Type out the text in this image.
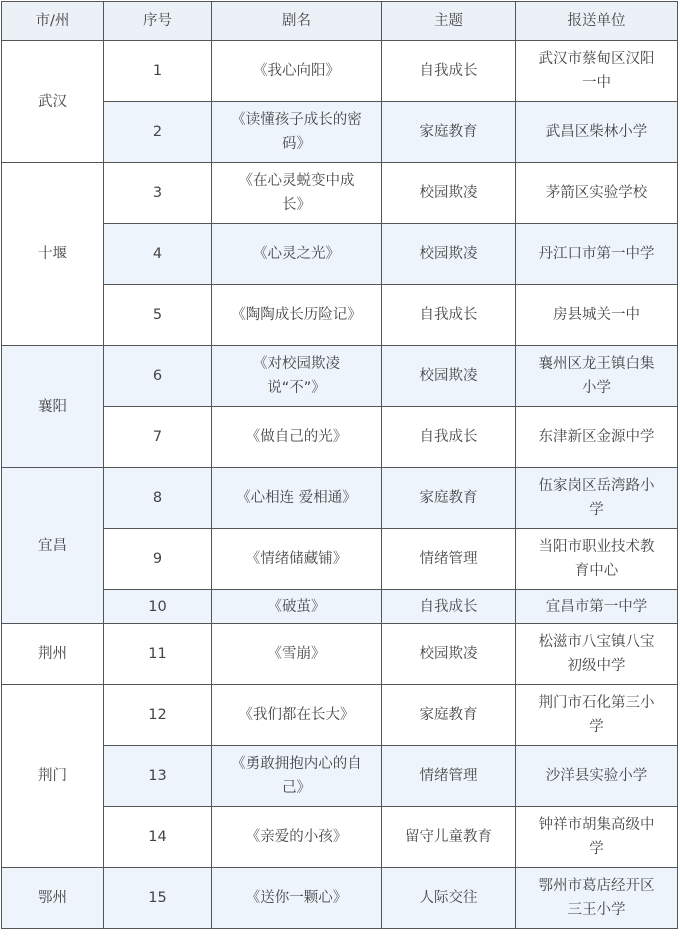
市/州	序号	剧名	主题	报送单位
武汉	1	《我心向阳》	自我成长	武汉市蔡甸区汉阳一中
	2	《读懂孩子成长的密码》	家庭教育	武昌区柴林小学
十堰	3	《在心灵蜕变中成长》	校园欺凌	茅箭区实验学校
	4	《心灵之光》	校园欺凌	丹江口市第一中学
	5	《陶陶成长历险记》	自我成长	房县城关一中
襄阳	6	《对校园欺凌说“不”》	校园欺凌	襄州区龙王镇白集小学
	7	《做自己的光》	自我成长	东津新区金源中学
宜昌	8	《心相连 爱相通》	家庭教育	伍家岗区岳湾路小学
	9	《情绪储藏铺》	情绪管理	当阳市职业技术教育中心
	10	《破茧》	自我成长	宜昌市第一中学
荆州	11	《雪崩》	校园欺凌	松滋市八宝镇八宝初级中学
荆门	12	《我们都在长大》	家庭教育	荆门市石化第三小学
	13	《勇敢拥抱内心的自己》	情绪管理	沙洋县实验小学
	14	《亲爱的小孩》	留守儿童教育	钟祥市胡集高级中学
鄂州	15	《送你一颗心》	人际交往	鄂州市葛店经开区三王小学
